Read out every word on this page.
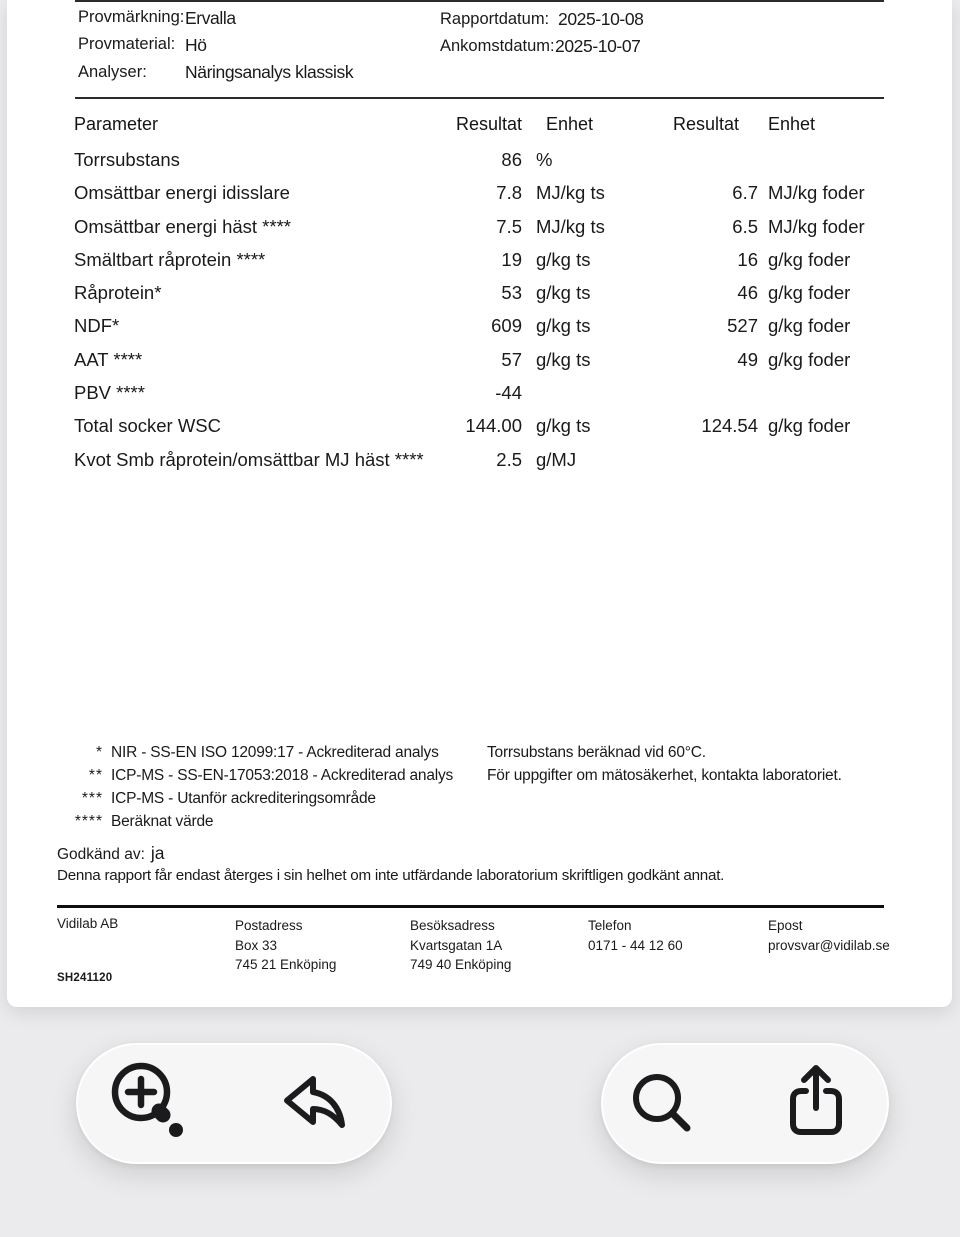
Provmärkning: Ervalla
Provmaterial: Hö
Analyser: Näringsanalys klassisk
Rapportdatum: 2025-10-08
Ankomstdatum: 2025-10-07
Parameter	Resultat	Enhet	Resultat	Enhet
Torrsubstans	86 %
Omsättbar energi idisslare	7.8 MJ/kg ts	6.7 MJ/kg foder
Omsättbar energi häst ****	7.5 MJ/kg ts	6.5 MJ/kg foder
Smältbart råprotein ****	19 g/kg ts	16 g/kg foder
Råprotein*	53 g/kg ts	46 g/kg foder
NDF*	609 g/kg ts	527 g/kg foder
AAT ****	57 g/kg ts	49 g/kg foder
PBV ****	-44
Total socker WSC	144.00 g/kg ts	124.54 g/kg foder
Kvot Smb råprotein/omsättbar MJ häst ****	2.5 g/MJ
* NIR - SS-EN ISO 12099:17 - Ackrediterad analys
** ICP-MS - SS-EN-17053:2018 - Ackrediterad analys
*** ICP-MS - Utanför ackrediteringsområde
**** Beräknat värde
Torrsubstans beräknad vid 60°C.
För uppgifter om mätosäkerhet, kontakta laboratoriet.
Godkänd av: ja
Denna rapport får endast återges i sin helhet om inte utfärdande laboratorium skriftligen godkänt annat.
Vidilab AB	Postadress
Box 33
745 21 Enköping
Besöksadress
Kvartsgatan 1A
749 40 Enköping
Telefon
0171 - 44 12 60
Epost
provsvar@vidilab.se
SH241120
